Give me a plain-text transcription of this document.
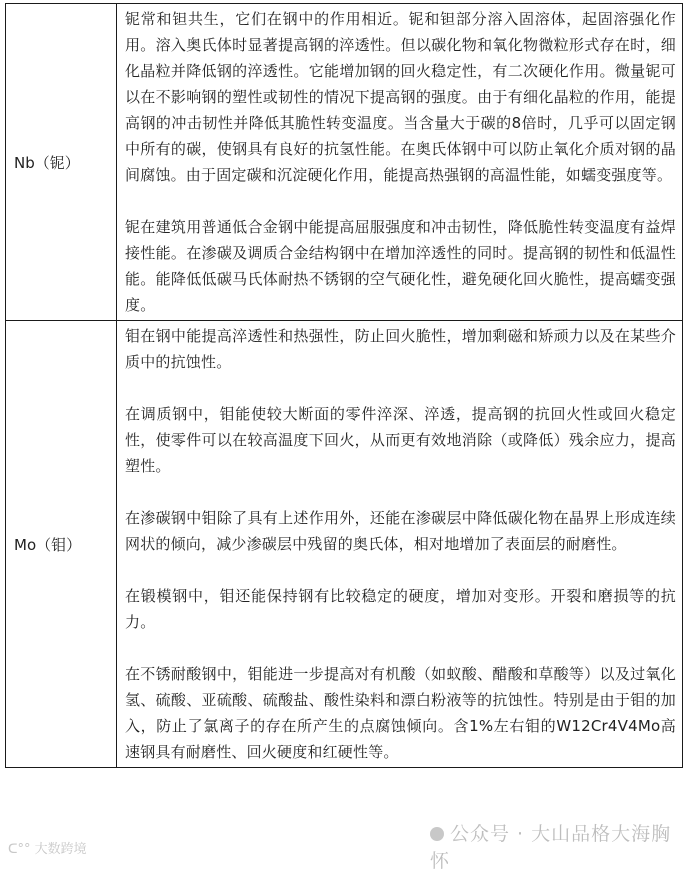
Nb（铌）	铌常和钽共生，它们在钢中的作用相近。铌和钽部分溶入固溶体，起固溶强化作用。溶入奥氏体时显著提高钢的淬透性。但以碳化物和氧化物微粒形式存在时，细化晶粒并降低钢的淬透性。它能增加钢的回火稳定性，有二次硬化作用。微量铌可以在不影响钢的塑性或韧性的情况下提高钢的强度。由于有细化晶粒的作用，能提高钢的冲击韧性并降低其脆性转变温度。当含量大于碳的8倍时，几乎可以固定钢中所有的碳，使钢具有良好的抗氢性能。在奥氏体钢中可以防止氧化介质对钢的晶间腐蚀。由于固定碳和沉淀硬化作用，能提高热强钢的高温性能，如蠕变强度等。

铌在建筑用普通低合金钢中能提高屈服强度和冲击韧性，降低脆性转变温度有益焊接性能。在渗碳及调质合金结构钢中在增加淬透性的同时。提高钢的韧性和低温性能。能降低低碳马氏体耐热不锈钢的空气硬化性，避免硬化回火脆性，提高蠕变强度。

Mo（钼）	钼在钢中能提高淬透性和热强性，防止回火脆性，增加剩磁和矫顽力以及在某些介质中的抗蚀性。

在调质钢中，钼能使较大断面的零件淬深、淬透，提高钢的抗回火性或回火稳定性，使零件可以在较高温度下回火，从而更有效地消除（或降低）残余应力，提高塑性。

在渗碳钢中钼除了具有上述作用外，还能在渗碳层中降低碳化物在晶界上形成连续网状的倾向，减少渗碳层中残留的奥氏体，相对地增加了表面层的耐磨性。

在锻模钢中，钼还能保持钢有比较稳定的硬度，增加对变形。开裂和磨损等的抗力。

在不锈耐酸钢中，钼能进一步提高对有机酸（如蚁酸、醋酸和草酸等）以及过氧化氢、硫酸、亚硫酸、硫酸盐、酸性染料和漂白粉液等的抗蚀性。特别是由于钼的加入，防止了氯离子的存在所产生的点腐蚀倾向。含1%左右钼的W12Cr4V4Mo高速钢具有耐磨性、回火硬度和红硬性等。

ᑕ°° 大数跨境
公众号 · 大山品格大海胸怀
